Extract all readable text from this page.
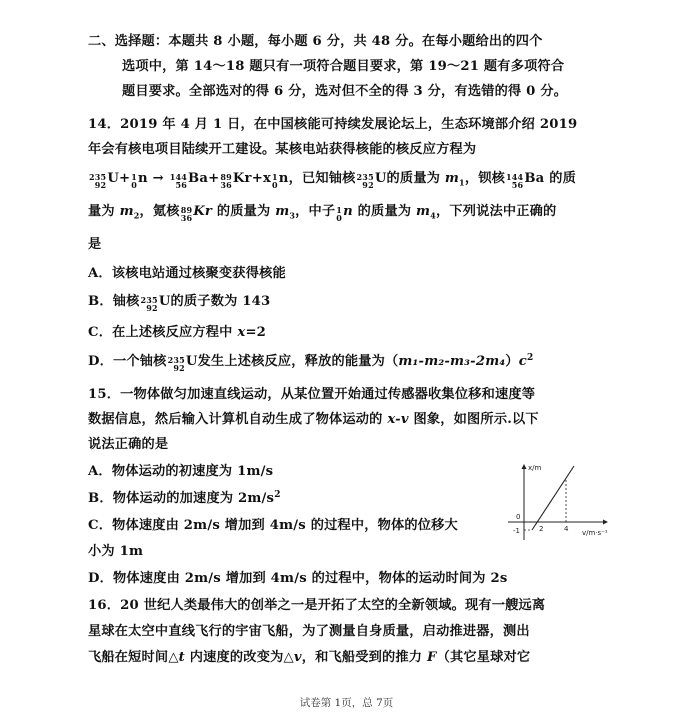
二、选择题：本题共 8 小题，每小题 6 分，共 48 分。在每小题给出的四个
选项中，第 14～18 题只有一项符合题目要求，第 19～21 题有多项符合
题目要求。全部选对的得 6 分，选对但不全的得 3 分，有选错的得 0 分。
14．2019 年 4 月 1 日，在中国核能可持续发展论坛上，生态环境部介绍 2019
年会有核电项目陆续开工建设。某核电站获得核能的核反应方程为
235
92 U+ 1
0 n → 144
56 Ba+ 89
36 Kr+x 1
0 n，已知铀核 235
92 U的质量为 $m_1$，钡核 144
56 Ba 的质
量为 $m_2$，氪核 89
36 Kr 的质量为 $m_3$，中子 1
0 n 的质量为 $m_4$，下列说法中正确的
是
A．该核电站通过核聚变获得核能
B．铀核 235
92 U的质子数为 143
C．在上述核反应方程中 x=2
D．一个铀核 235
92 U发生上述核反应，释放的能量为$(m_1-m_2-m_3-2m_4)c^2$
15．一物体做匀加速直线运动，从某位置开始通过传感器收集位移和速度等
数据信息，然后输入计算机自动生成了物体运动的 x-v 图象，如图所示.以下
说法正确的是
A．物体运动的初速度为 1m/s
B．物体运动的加速度为 $2m/s^2$
C．物体速度由 2m/s 增加到 4m/s 的过程中，物体的位移大
小为 1m
D．物体速度由 2m/s 增加到 4m/s 的过程中，物体的运动时间为 2s
x/m
v/m·s⁻¹
0
-1	2	4
16．20 世纪人类最伟大的创举之一是开拓了太空的全新领域。现有一艘远离
星球在太空中直线飞行的宇宙飞船，为了测量自身质量，启动推进器，测出
飞船在短时间△t 内速度的改变为△v，和飞船受到的推力 F（其它星球对它
试卷第 1页，总 7页
